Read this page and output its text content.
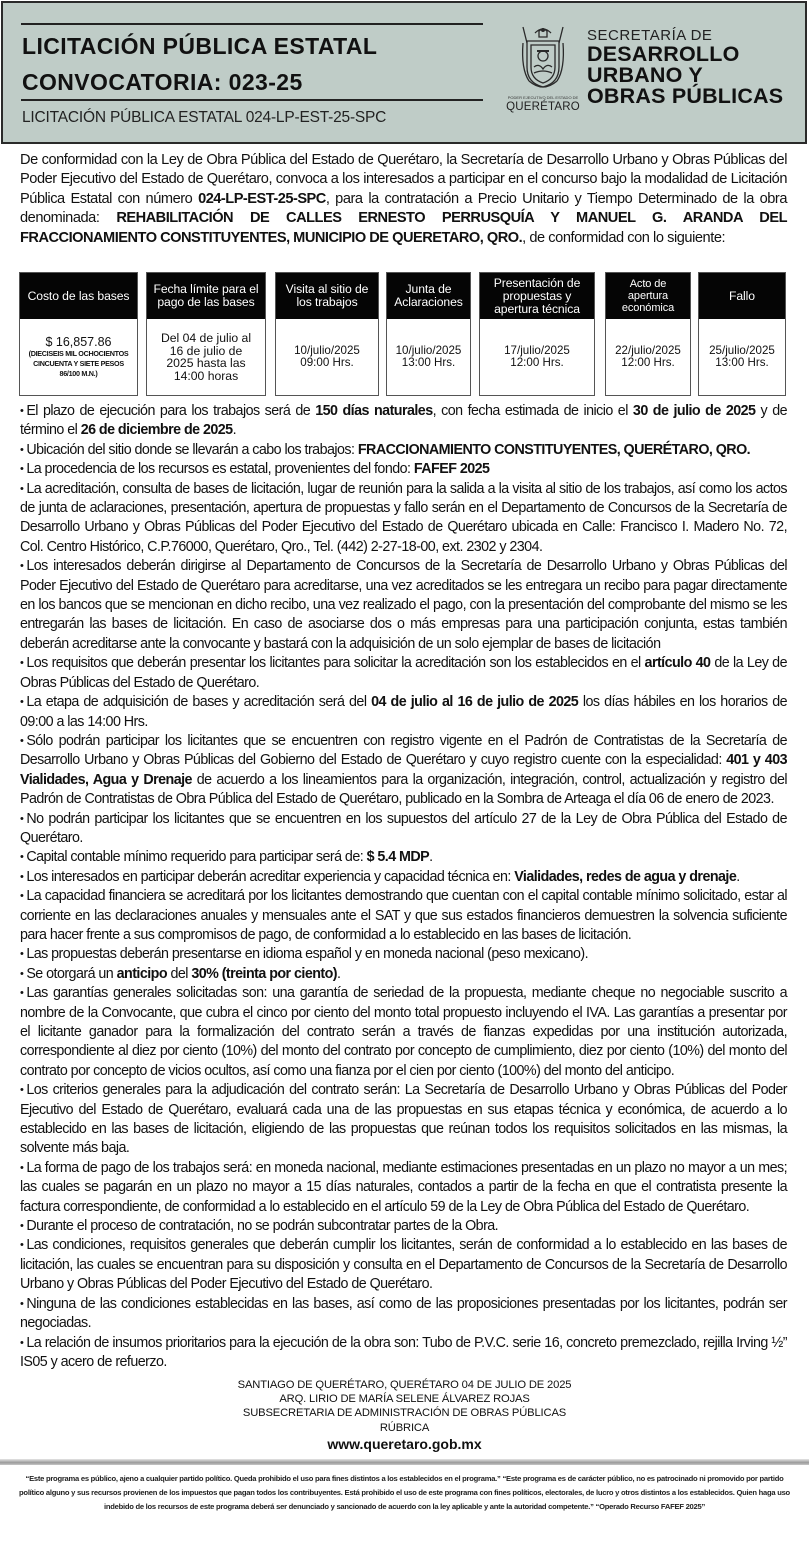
LICITACIÓN PÚBLICA ESTATAL
CONVOCATORIA: 023-25
LICITACIÓN PÚBLICA ESTATAL 024-LP-EST-25-SPC
PODER EJECUTIVO DEL ESTADO DE
QUERÉTARO
SECRETARÍA DE
DESARROLLO
URBANO Y
OBRAS PÚBLICAS
De conformidad con la Ley de Obra Pública del Estado de Querétaro, la Secretaría de Desarrollo Urbano y Obras Públicas del Poder Ejecutivo del Estado de Querétaro, convoca a los interesados a participar en el concurso bajo la modalidad de Licitación Pública Estatal con número 024-LP-EST-25-SPC, para la contratación a Precio Unitario y Tiempo Determinado de la obra denominada: REHABILITACIÓN DE CALLES ERNESTO PERRUSQUÍA Y MANUEL G. ARANDA DEL FRACCIONAMIENTO CONSTITUYENTES, MUNICIPIO DE QUERETARO, QRO., de conformidad con lo siguiente:
Costo de las bases
$ 16,857.86
(DIECISEIS MIL OCHOCIENTOS CINCUENTA Y SIETE PESOS 86/100 M.N.)
Fecha límite para el pago de las bases
Del 04 de julio al 16 de julio de 2025 hasta las 14:00 horas
Visita al sitio de los trabajos
10/julio/2025
09:00 Hrs.
Junta de Aclaraciones
10/julio/2025
13:00 Hrs.
Presentación de propuestas y apertura técnica
17/julio/2025
12:00 Hrs.
Acto de apertura económica
22/julio/2025
12:00 Hrs.
Fallo
25/julio/2025
13:00 Hrs.

• El plazo de ejecución para los trabajos será de 150 días naturales, con fecha estimada de inicio el 30 de julio de 2025 y de término el 26 de diciembre de 2025.

• Ubicación del sitio donde se llevarán a cabo los trabajos: FRACCIONAMIENTO CONSTITUYENTES, QUERÉTARO, QRO.

• La procedencia de los recursos es estatal, provenientes del fondo: FAFEF 2025

• La acreditación, consulta de bases de licitación, lugar de reunión para la salida a la visita al sitio de los trabajos, así como los actos de junta de aclaraciones, presentación, apertura de propuestas y fallo serán en el Departamento de Concursos de la Secretaría de Desarrollo Urbano y Obras Públicas del Poder Ejecutivo del Estado de Querétaro ubicada en Calle: Francisco I. Madero No. 72, Col. Centro Histórico, C.P.76000, Querétaro, Qro., Tel. (442) 2-27-18-00, ext. 2302 y 2304.

• Los interesados deberán dirigirse al Departamento de Concursos de la Secretaría de Desarrollo Urbano y Obras Públicas del Poder Ejecutivo del Estado de Querétaro para acreditarse, una vez acreditados se les entregara un recibo para pagar directamente en los bancos que se mencionan en dicho recibo, una vez realizado el pago, con la presentación del comprobante del mismo se les entregarán las bases de licitación. En caso de asociarse dos o más empresas para una participación conjunta, estas también deberán acreditarse ante la convocante y bastará con la adquisición de un solo ejemplar de bases de licitación

• Los requisitos que deberán presentar los licitantes para solicitar la acreditación son los establecidos en el artículo 40 de la Ley de Obras Públicas del Estado de Querétaro.

• La etapa de adquisición de bases y acreditación será del 04 de julio al 16 de julio de 2025 los días hábiles en los horarios de 09:00 a las 14:00 Hrs.

• Sólo podrán participar los licitantes que se encuentren con registro vigente en el Padrón de Contratistas de la Secretaría de Desarrollo Urbano y Obras Públicas del Gobierno del Estado de Querétaro y cuyo registro cuente con la especialidad: 401 y 403 Vialidades, Agua y Drenaje de acuerdo a los lineamientos para la organización, integración, control, actualización y registro del Padrón de Contratistas de Obra Pública del Estado de Querétaro, publicado en la Sombra de Arteaga el día 06 de enero de 2023.

• No podrán participar los licitantes que se encuentren en los supuestos del artículo 27 de la Ley de Obra Pública del Estado de Querétaro.

• Capital contable mínimo requerido para participar será de: $ 5.4 MDP.

• Los interesados en participar deberán acreditar experiencia y capacidad técnica en: Vialidades, redes de agua y drenaje.

• La capacidad financiera se acreditará por los licitantes demostrando que cuentan con el capital contable mínimo solicitado, estar al corriente en las declaraciones anuales y mensuales ante el SAT y que sus estados financieros demuestren la solvencia suficiente para hacer frente a sus compromisos de pago, de conformidad a lo establecido en las bases de licitación.

• Las propuestas deberán presentarse en idioma español y en moneda nacional (peso mexicano).

• Se otorgará un anticipo del 30% (treinta por ciento).

• Las garantías generales solicitadas son: una garantía de seriedad de la propuesta, mediante cheque no negociable suscrito a nombre de la Convocante, que cubra el cinco por ciento del monto total propuesto incluyendo el IVA. Las garantías a presentar por el licitante ganador para la formalización del contrato serán a través de fianzas expedidas por una institución autorizada, correspondiente al diez por ciento (10%) del monto del contrato por concepto de cumplimiento, diez por ciento (10%) del monto del contrato por concepto de vicios ocultos, así como una fianza por el cien por ciento (100%) del monto del anticipo.

• Los criterios generales para la adjudicación del contrato serán: La Secretaría de Desarrollo Urbano y Obras Públicas del Poder Ejecutivo del Estado de Querétaro, evaluará cada una de las propuestas en sus etapas técnica y económica, de acuerdo a lo establecido en las bases de licitación, eligiendo de las propuestas que reúnan todos los requisitos solicitados en las mismas, la solvente más baja.

• La forma de pago de los trabajos será: en moneda nacional, mediante estimaciones presentadas en un plazo no mayor a un mes; las cuales se pagarán en un plazo no mayor a 15 días naturales, contados a partir de la fecha en que el contratista presente la factura correspondiente, de conformidad a lo establecido en el artículo 59 de la Ley de Obra Pública del Estado de Querétaro.

• Durante el proceso de contratación, no se podrán subcontratar partes de la Obra.

• Las condiciones, requisitos generales que deberán cumplir los licitantes, serán de conformidad a lo establecido en las bases de licitación, las cuales se encuentran para su disposición y consulta en el Departamento de Concursos de la Secretaría de Desarrollo Urbano y Obras Públicas del Poder Ejecutivo del Estado de Querétaro.

• Ninguna de las condiciones establecidas en las bases, así como de las proposiciones presentadas por los licitantes, podrán ser negociadas.

• La relación de insumos prioritarios para la ejecución de la obra son: Tubo de P.V.C. serie 16, concreto premezclado, rejilla Irving ½” IS05 y acero de refuerzo.

SANTIAGO DE QUERÉTARO, QUERÉTARO 04 DE JULIO DE 2025
ARQ. LIRIO DE MARÍA SELENE ÁLVAREZ ROJAS
SUBSECRETARIA DE ADMINISTRACIÓN DE OBRAS PÚBLICAS
RÚBRICA
www.queretaro.gob.mx
“Este programa es público, ajeno a cualquier partido político. Queda prohibido el uso para fines distintos a los establecidos en el programa.” “Este programa es de carácter público, no es patrocinado ni promovido por partido político alguno y sus recursos provienen de los impuestos que pagan todos los contribuyentes. Está prohibido el uso de este programa con fines políticos, electorales, de lucro y otros distintos a los establecidos. Quien haga uso indebido de los recursos de este programa deberá ser denunciado y sancionado de acuerdo con la ley aplicable y ante la autoridad competente.” “Operado Recurso FAFEF 2025”
